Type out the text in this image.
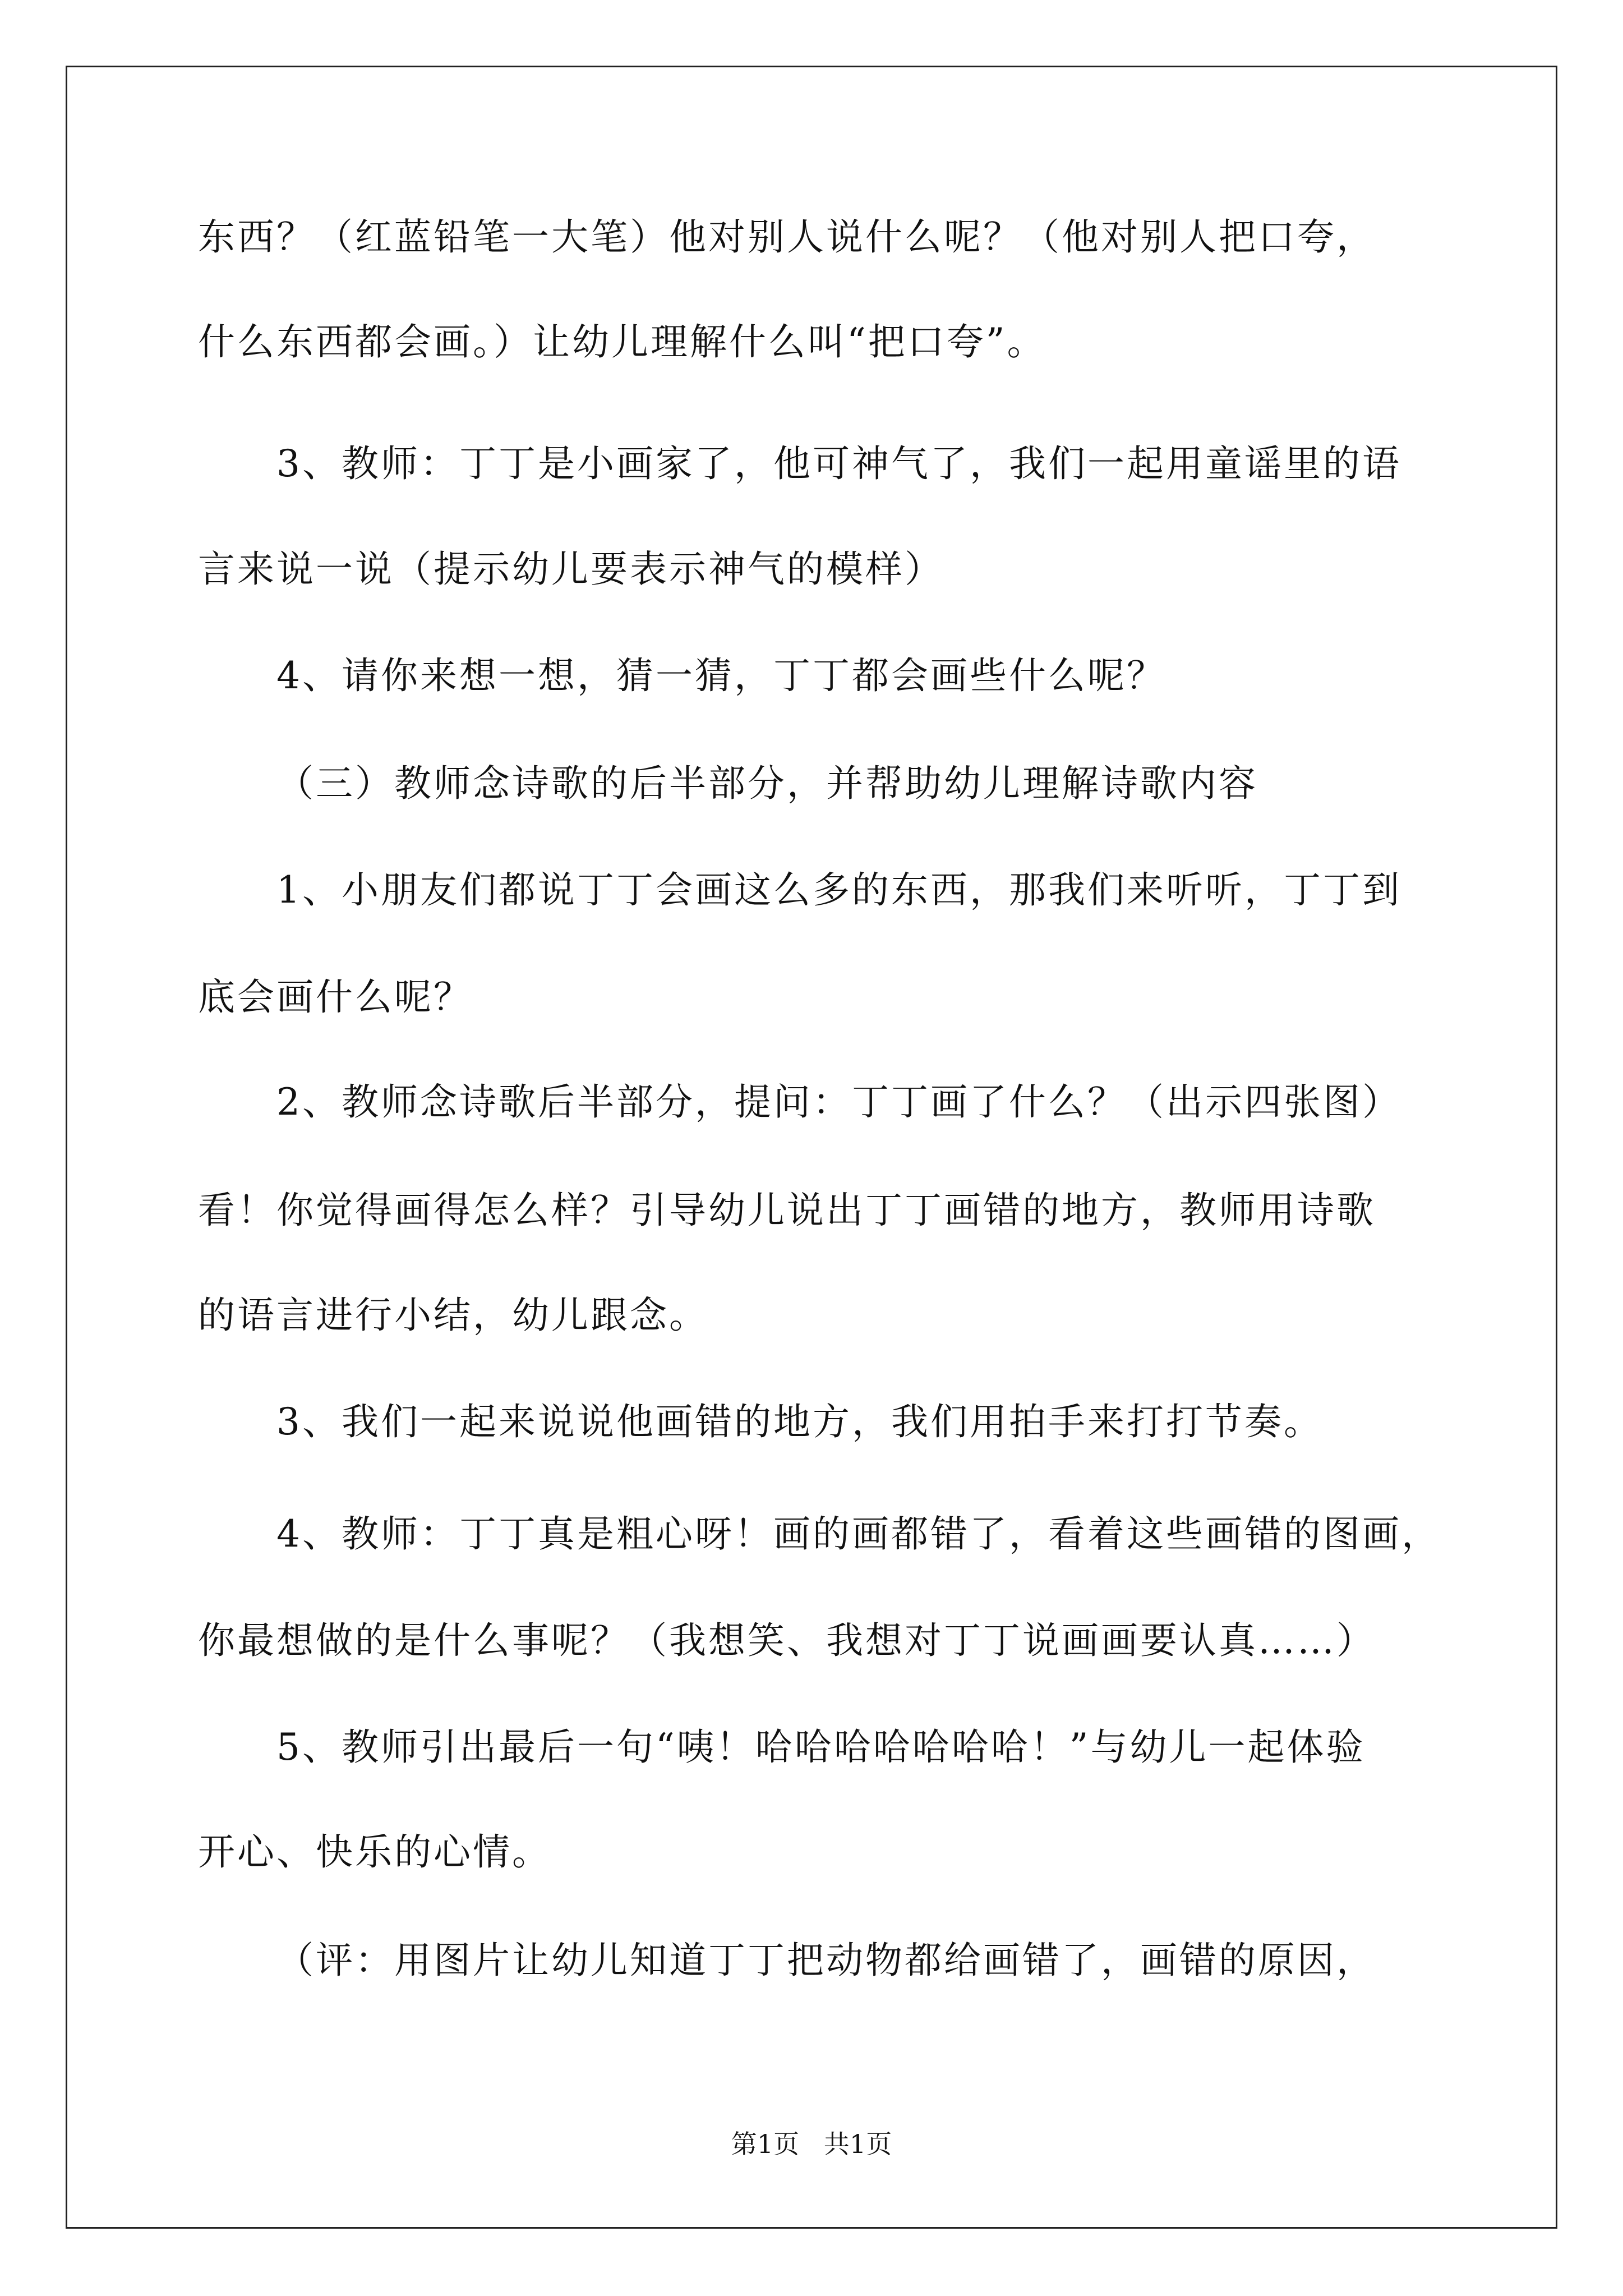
东西？（红蓝铅笔一大笔）他对别人说什么呢？（他对别人把口夸，
什么东西都会画。）让幼儿理解什么叫“把口夸”。
3、教师：丁丁是小画家了，他可神气了，我们一起用童谣里的语
言来说一说（提示幼儿要表示神气的模样）
4、请你来想一想，猜一猜，丁丁都会画些什么呢？
（三）教师念诗歌的后半部分，并帮助幼儿理解诗歌内容
1、小朋友们都说丁丁会画这么多的东西，那我们来听听，丁丁到
底会画什么呢？
2、教师念诗歌后半部分，提问：丁丁画了什么？（出示四张图）
看！你觉得画得怎么样？引导幼儿说出丁丁画错的地方，教师用诗歌
的语言进行小结，幼儿跟念。
3、我们一起来说说他画错的地方，我们用拍手来打打节奏。
4、教师：丁丁真是粗心呀！画的画都错了，看着这些画错的图画，
你最想做的是什么事呢？（我想笑、我想对丁丁说画画要认真……）
5、教师引出最后一句“咦！哈哈哈哈哈哈哈！”与幼儿一起体验
开心、快乐的心情。
（评：用图片让幼儿知道丁丁把动物都给画错了，画错的原因，
第1页   共1页
